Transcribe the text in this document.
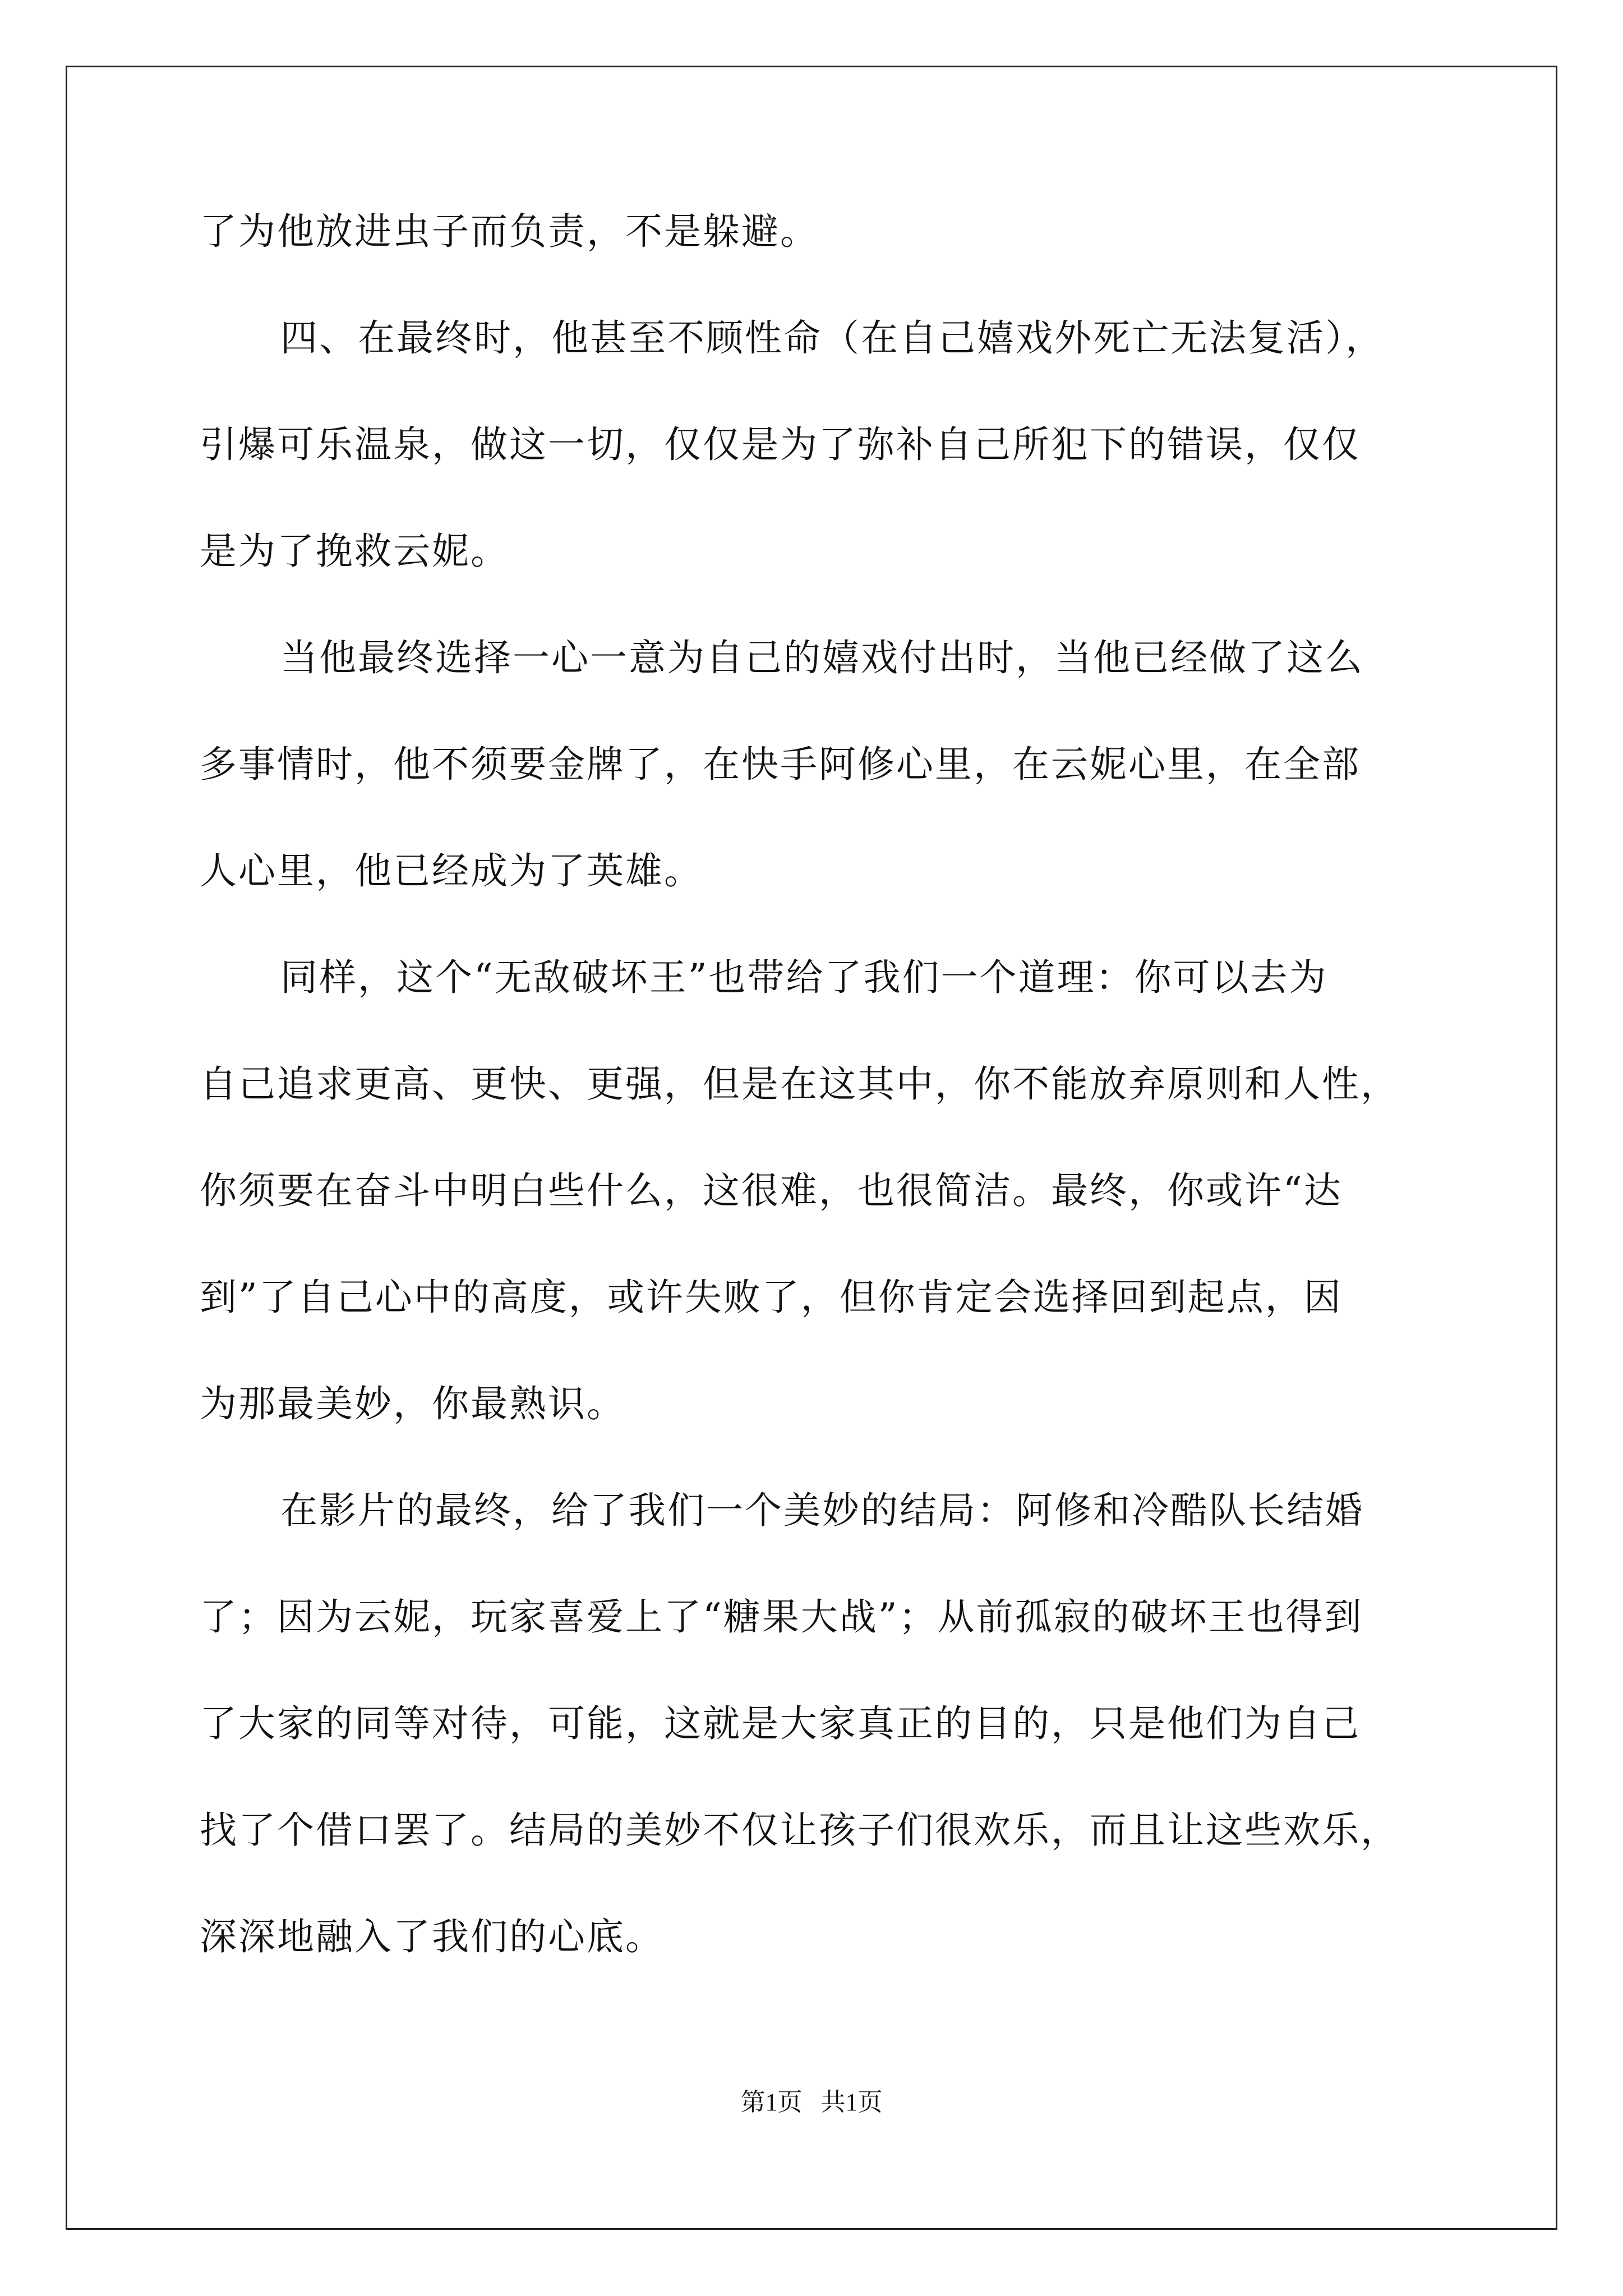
了为他放进虫子而负责，不是躲避。
四、在最终时，他甚至不顾性命（在自己嬉戏外死亡无法复活），
引爆可乐温泉，做这一切，仅仅是为了弥补自己所犯下的错误，仅仅
是为了挽救云妮。
当他最终选择一心一意为自己的嬉戏付出时，当他已经做了这么
多事情时，他不须要金牌了，在快手阿修心里，在云妮心里，在全部
人心里，他已经成为了英雄。
同样，这个“无敌破坏王”也带给了我们一个道理：你可以去为
自己追求更高、更快、更强，但是在这其中，你不能放弃原则和人性，
你须要在奋斗中明白些什么，这很难，也很简洁。最终，你或许“达
到”了自己心中的高度，或许失败了，但你肯定会选择回到起点，因
为那最美妙，你最熟识。
在影片的最终，给了我们一个美妙的结局：阿修和冷酷队长结婚
了；因为云妮，玩家喜爱上了“糖果大战”；从前孤寂的破坏王也得到
了大家的同等对待，可能，这就是大家真正的目的，只是他们为自己
找了个借口罢了。结局的美妙不仅让孩子们很欢乐，而且让这些欢乐，
深深地融入了我们的心底。
第1页   共1页
